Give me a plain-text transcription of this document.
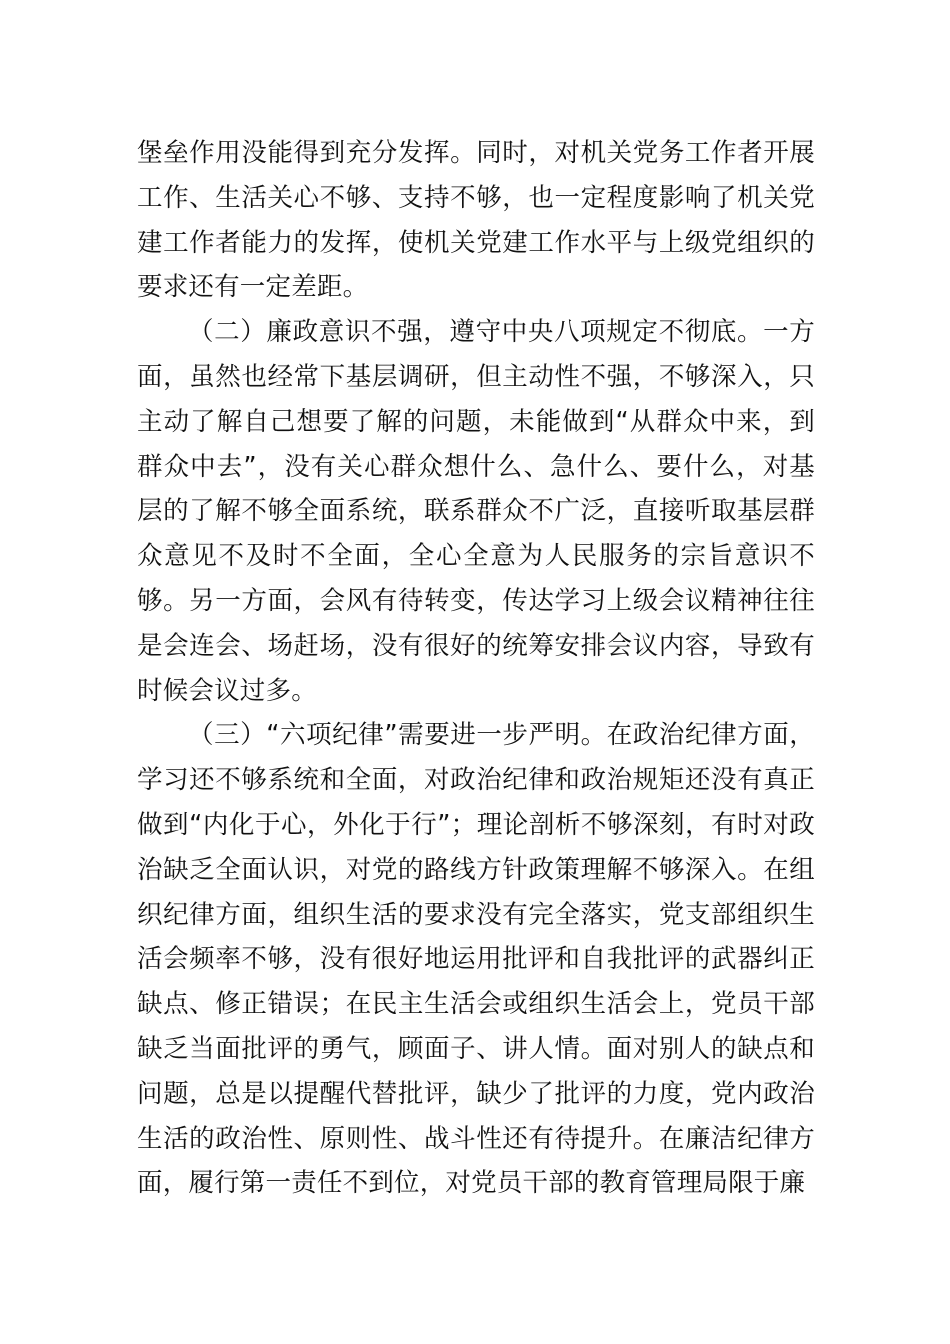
堡垒作用没能得到充分发挥。同时，对机关党务工作者开展工作、生活关心不够、支持不够，也一定程度影响了机关党建工作者能力的发挥，使机关党建工作水平与上级党组织的要求还有一定差距。

（二）廉政意识不强，遵守中央八项规定不彻底。一方面，虽然也经常下基层调研，但主动性不强，不够深入，只主动了解自己想要了解的问题，未能做到“从群众中来，到群众中去”，没有关心群众想什么、急什么、要什么，对基层的了解不够全面系统，联系群众不广泛，直接听取基层群众意见不及时不全面，全心全意为人民服务的宗旨意识不够。另一方面，会风有待转变，传达学习上级会议精神往往是会连会、场赶场，没有很好的统筹安排会议内容，导致有时候会议过多。

（三）“六项纪律”需要进一步严明。在政治纪律方面，学习还不够系统和全面，对政治纪律和政治规矩还没有真正做到“内化于心，外化于行”；理论剖析不够深刻，有时对政治缺乏全面认识，对党的路线方针政策理解不够深入。在组织纪律方面，组织生活的要求没有完全落实，党支部组织生活会频率不够，没有很好地运用批评和自我批评的武器纠正缺点、修正错误；在民主生活会或组织生活会上，党员干部缺乏当面批评的勇气，顾面子、讲人情。面对别人的缺点和问题，总是以提醒代替批评，缺少了批评的力度，党内政治生活的政治性、原则性、战斗性还有待提升。在廉洁纪律方面，履行第一责任不到位，对党员干部的教育管理局限于廉
